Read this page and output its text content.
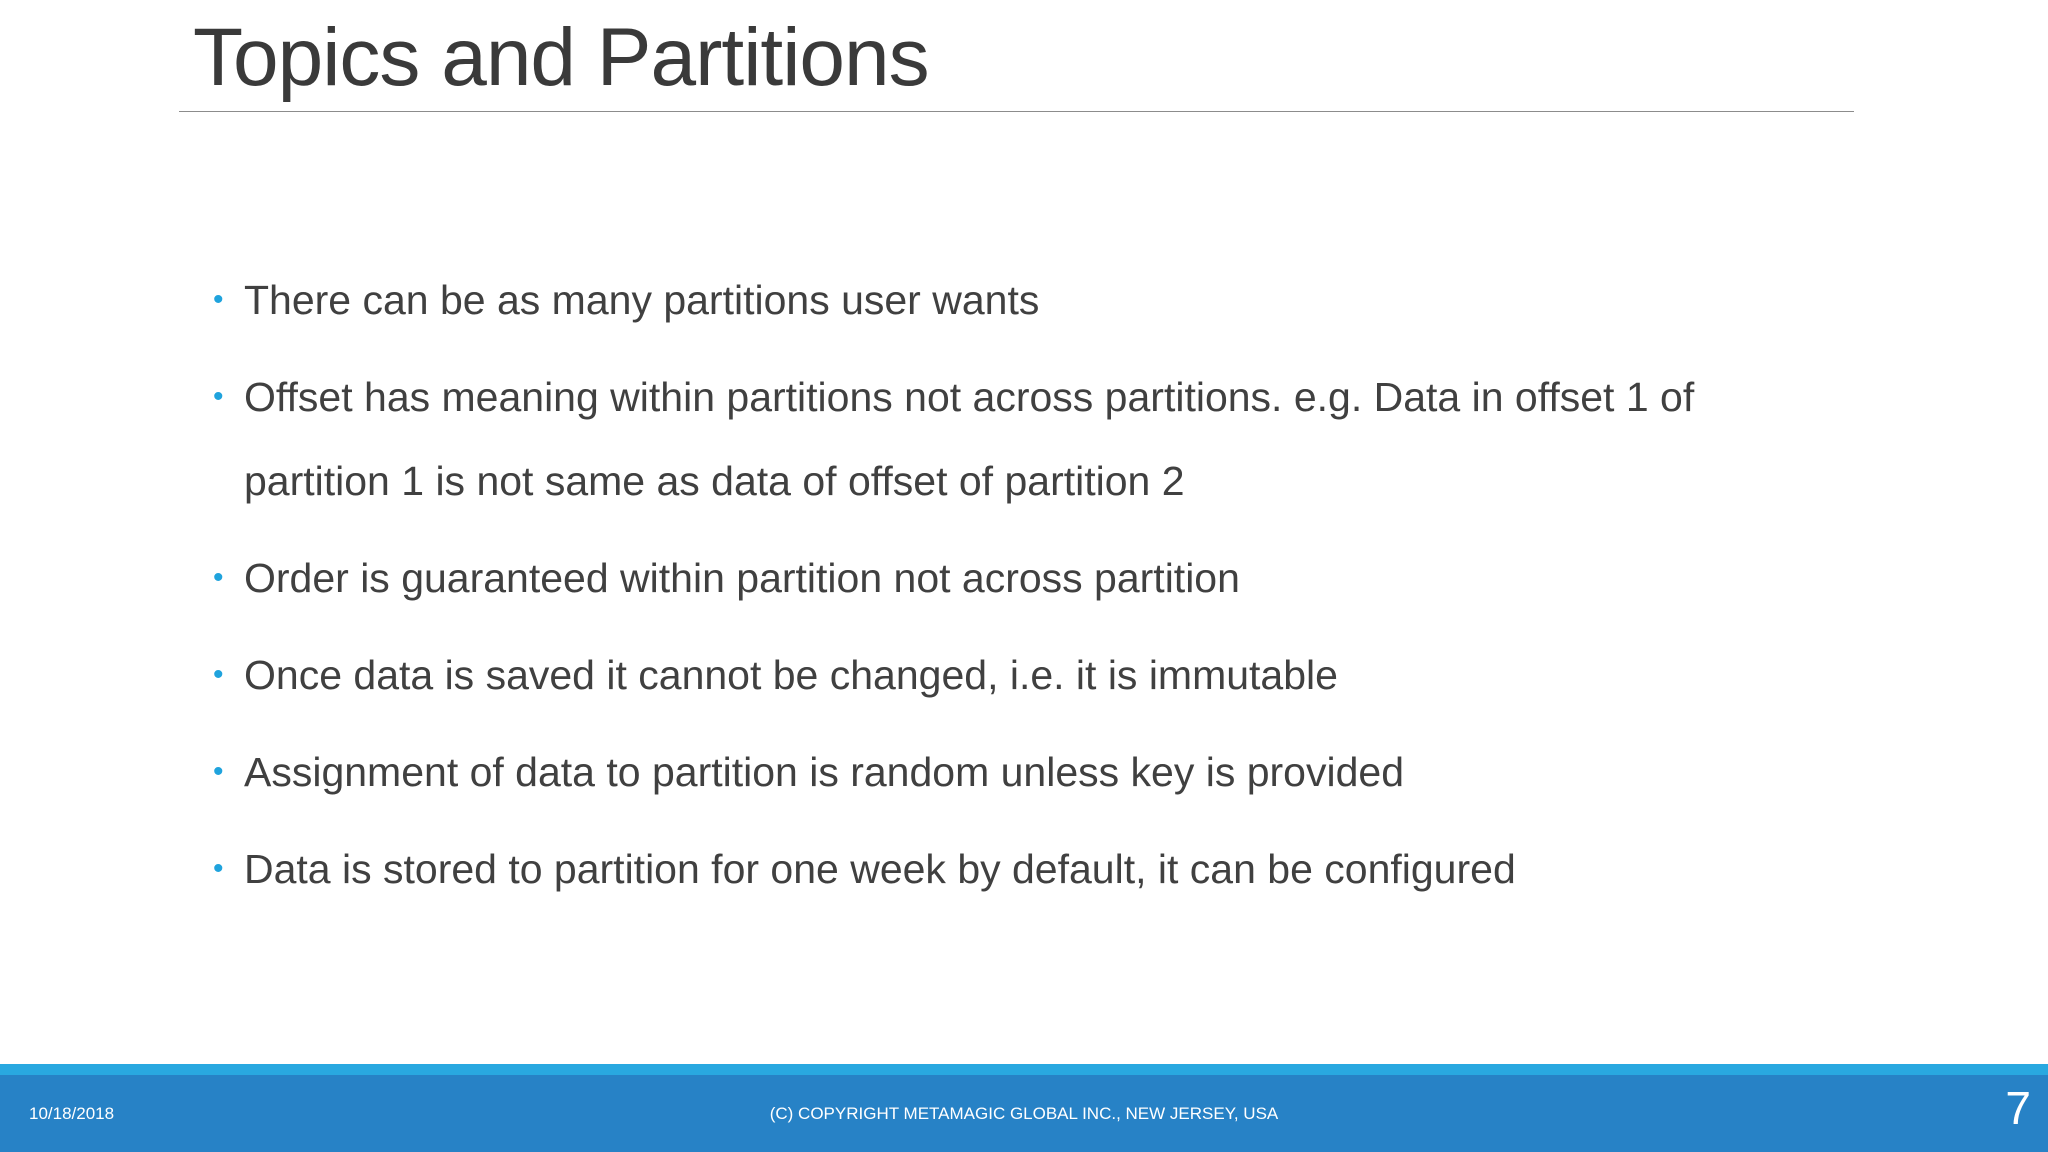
Topics and Partitions
• There can be as many partitions user wants
• Offset has meaning within partitions not across partitions. e.g. Data in offset 1 of partition 1 is not same as data of offset of partition 2
• Order is guaranteed within partition not across partition
• Once data is saved it cannot be changed, i.e. it is immutable
• Assignment of data to partition is random unless key is provided
• Data is stored to partition for one week by default, it can be configured
10/18/2018	(C) COPYRIGHT METAMAGIC GLOBAL INC., NEW JERSEY, USA	7
